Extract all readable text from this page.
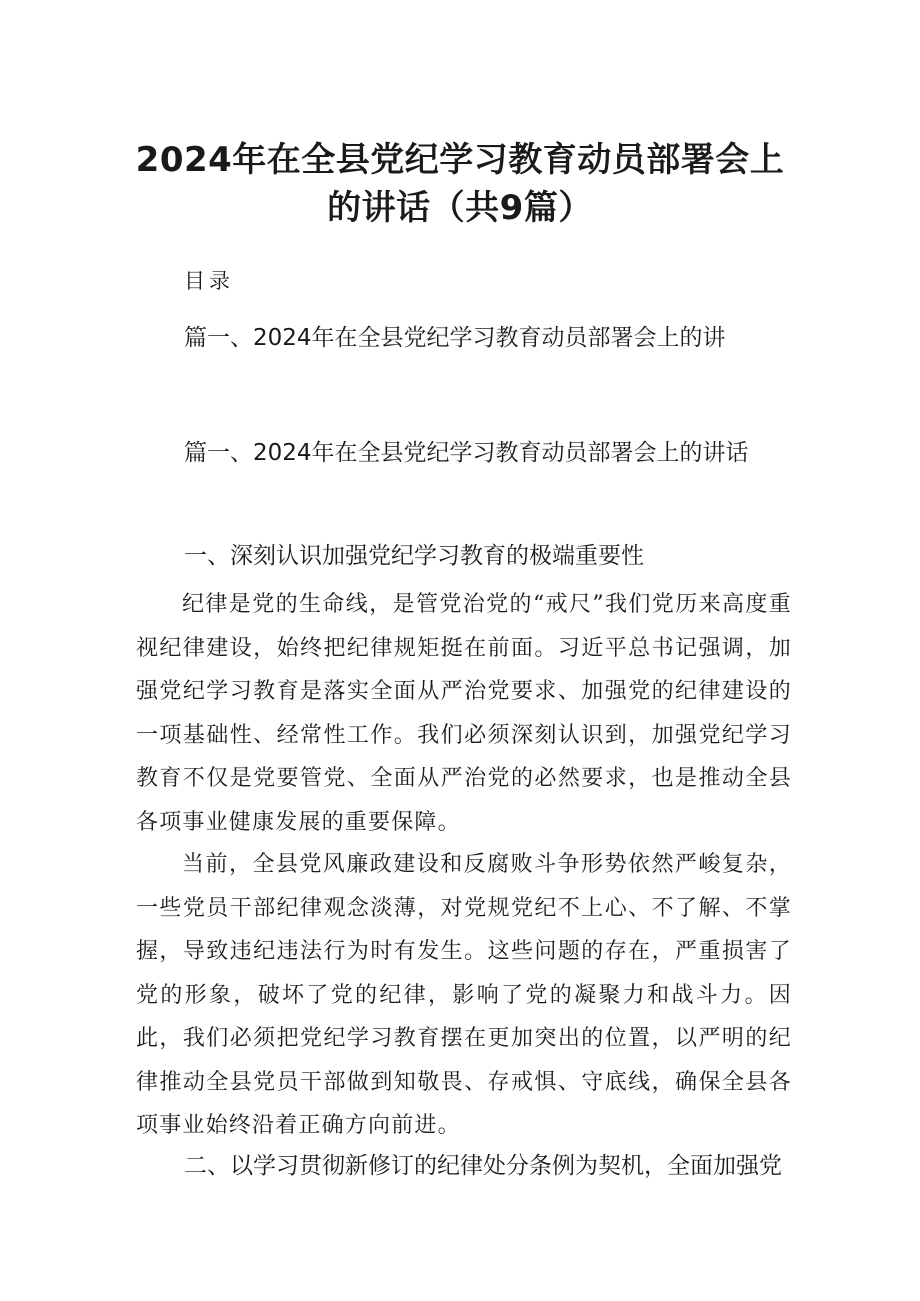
2024年在全县党纪学习教育动员部署会上
的讲话（共9篇）
目录
篇一、2024年在全县党纪学习教育动员部署会上的讲
篇一、2024年在全县党纪学习教育动员部署会上的讲话
一、深刻认识加强党纪学习教育的极端重要性

纪律是党的生命线，是管党治党的“戒尺”我们党历来高度重视纪律建设，始终把纪律规矩挺在前面。习近平总书记强调，加强党纪学习教育是落实全面从严治党要求、加强党的纪律建设的一项基础性、经常性工作。我们必须深刻认识到，加强党纪学习教育不仅是党要管党、全面从严治党的必然要求，也是推动全县各项事业健康发展的重要保障。

当前，全县党风廉政建设和反腐败斗争形势依然严峻复杂，一些党员干部纪律观念淡薄，对党规党纪不上心、不了解、不掌握，导致违纪违法行为时有发生。这些问题的存在，严重损害了党的形象，破坏了党的纪律，影响了党的凝聚力和战斗力。因此，我们必须把党纪学习教育摆在更加突出的位置，以严明的纪律推动全县党员干部做到知敬畏、存戒惧、守底线，确保全县各项事业始终沿着正确方向前进。

二、以学习贯彻新修订的纪律处分条例为契机，全面加强党
